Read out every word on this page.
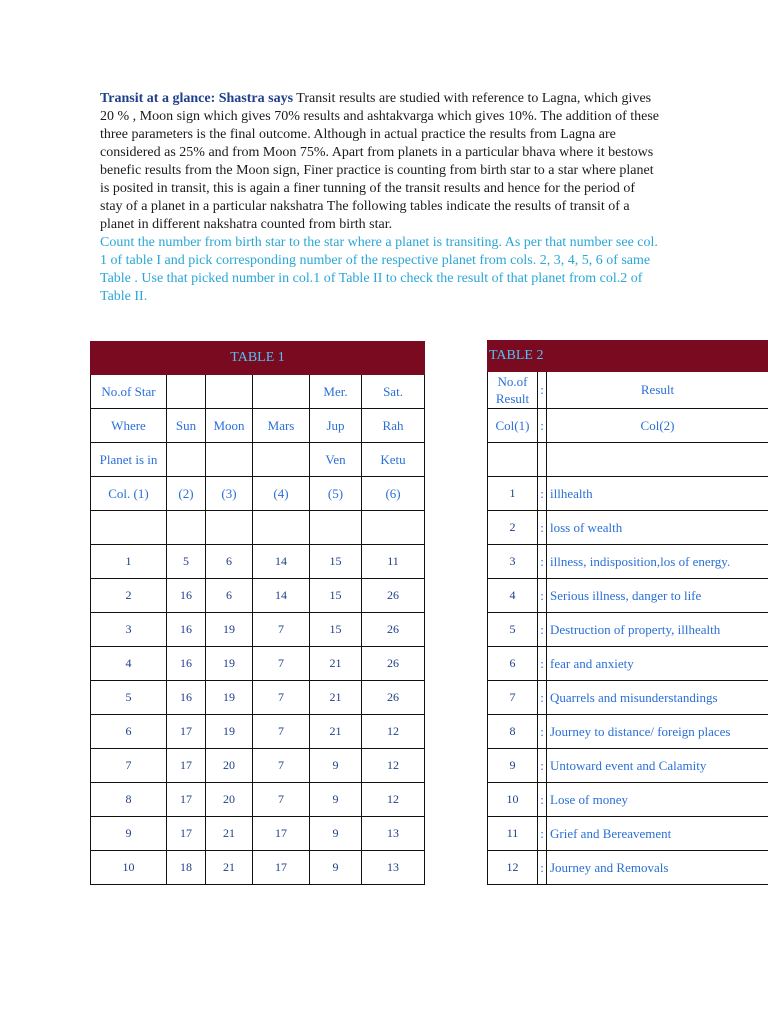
Transit at a glance: Shastra says Transit results are studied with reference to Lagna, which gives 20 % , Moon sign which gives 70% results and ashtakvarga which gives 10%. The addition of these three parameters is the final outcome. Although in actual practice the results from Lagna are considered as 25% and from Moon 75%. Apart from planets in a particular bhava where it bestows benefic results from the Moon sign, Finer practice is counting from birth star to a star where planet is posited in transit, this is again a finer tunning of the transit results and hence for the period of stay of a planet in a particular nakshatra The following tables indicate the results of transit of a planet in different nakshatra counted from birth star.

Count the number from birth star to the star where a planet is transiting. As per that number see col. 1 of table I and pick corresponding number of the respective planet from cols. 2, 3, 4, 5, 6 of same Table . Use that picked number in col.1 of Table II to check the result of that planet from col.2 of Table II.

TABLE 1					
No.of Star				Mer.	Sat.
Where	Sun	Moon	Mars	Jup	Rah
Planet is in				Ven	Ketu
Col. (1)	(2)	(3)	(4)	(5)	(6)

1	5	6	14	15	11
2	16	6	14	15	26
3	16	19	7	15	26
4	16	19	7	21	26
5	16	19	7	21	26
6	17	19	7	21	12
7	17	20	7	9	12
8	17	20	7	9	12
9	17	21	17	9	13
10	18	21	17	9	13
TABLE 2		
No.of Result	:	Result
Col(1)	:	Col(2)

1	:	illhealth
2	:	loss of wealth
3	:	illness, indisposition,los of energy.
4	:	Serious illness, danger to life
5	:	Destruction of property, illhealth
6	:	fear and anxiety
7	:	Quarrels and misunderstandings
8	:	Journey to distance/ foreign places
9	:	Untoward event and Calamity
10	:	Lose of money
11	:	Grief and Bereavement
12	:	Journey and Removals
